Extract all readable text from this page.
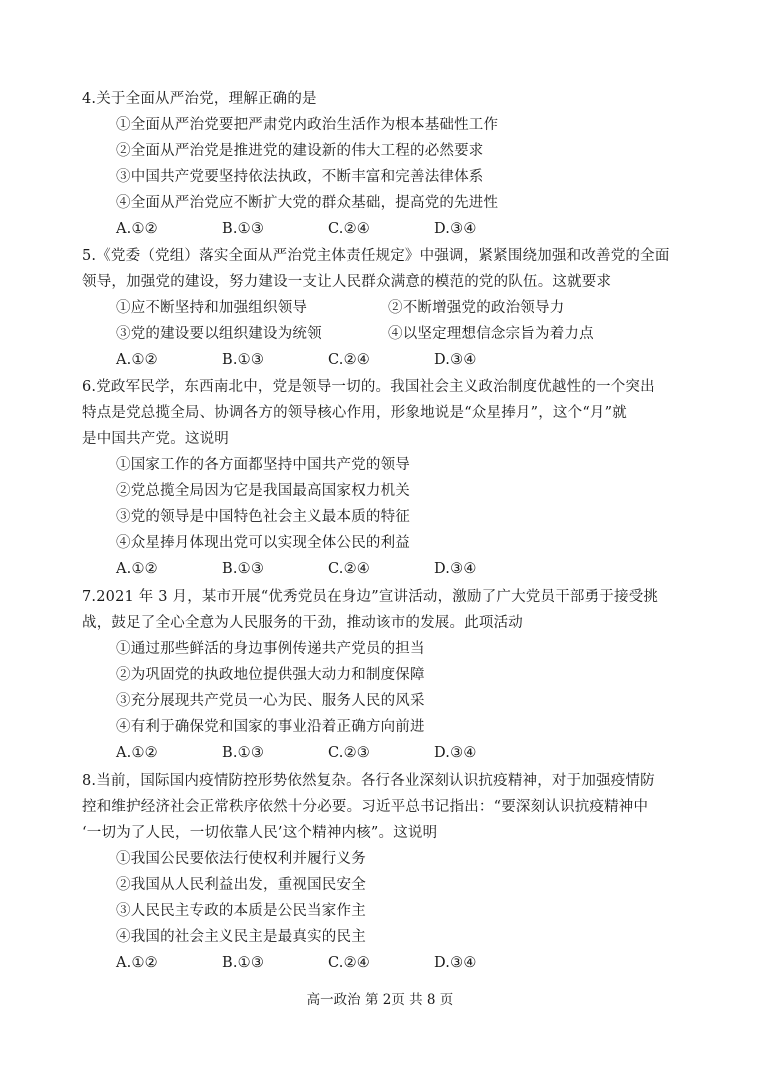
4.关于全面从严治党，理解正确的是
①全面从严治党要把严肃党内政治生活作为根本基础性工作
②全面从严治党是推进党的建设新的伟大工程的必然要求
③中国共产党要坚持依法执政，不断丰富和完善法律体系
④全面从严治党应不断扩大党的群众基础，提高党的先进性
A.①②	B.①③	C.②④	D.③④
5.《党委（党组）落实全面从严治党主体责任规定》中强调，紧紧围绕加强和改善党的全面
领导，加强党的建设，努力建设一支让人民群众满意的模范的党的队伍。这就要求
①应不断坚持和加强组织领导	②不断增强党的政治领导力
③党的建设要以组织建设为统领	④以坚定理想信念宗旨为着力点
A.①②	B.①③	C.②④	D.③④
6.党政军民学，东西南北中，党是领导一切的。我国社会主义政治制度优越性的一个突出
特点是党总揽全局、协调各方的领导核心作用，形象地说是“众星捧月”，这个“月”就
是中国共产党。这说明
①国家工作的各方面都坚持中国共产党的领导
②党总揽全局因为它是我国最高国家权力机关
③党的领导是中国特色社会主义最本质的特征
④众星捧月体现出党可以实现全体公民的利益
A.①②	B.①③	C.②④	D.③④
7.2021 年 3 月，某市开展“优秀党员在身边”宣讲活动，激励了广大党员干部勇于接受挑
战，鼓足了全心全意为人民服务的干劲，推动该市的发展。此项活动
①通过那些鲜活的身边事例传递共产党员的担当
②为巩固党的执政地位提供强大动力和制度保障
③充分展现共产党员一心为民、服务人民的风采
④有利于确保党和国家的事业沿着正确方向前进
A.①②	B.①③	C.②③	D.③④
8.当前，国际国内疫情防控形势依然复杂。各行各业深刻认识抗疫精神，对于加强疫情防
控和维护经济社会正常秩序依然十分必要。习近平总书记指出：“要深刻认识抗疫精神中
‘一切为了人民，一切依靠人民’这个精神内核”。这说明
①我国公民要依法行使权利并履行义务
②我国从人民利益出发，重视国民安全
③人民民主专政的本质是公民当家作主
④我国的社会主义民主是最真实的民主
A.①②	B.①③	C.②④	D.③④
高一政治 第 2页 共 8 页
